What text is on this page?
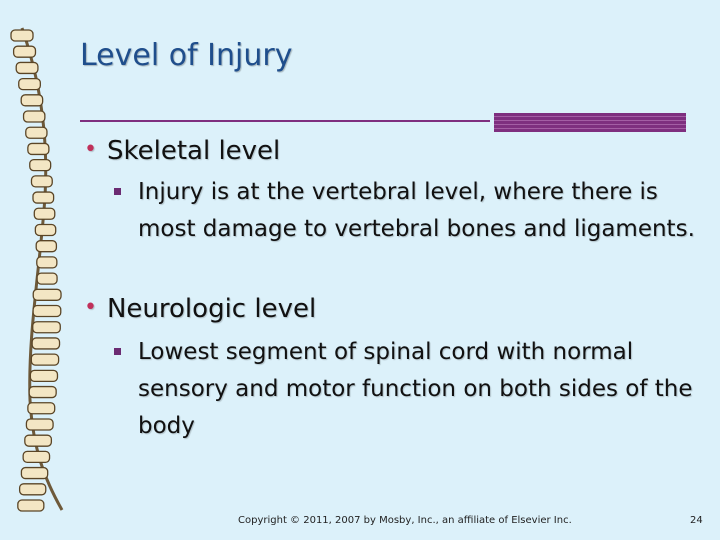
Level of Injury
• Skeletal level
Injury is at the vertebral level, where there is most damage to vertebral bones and ligaments.
• Neurologic level
Lowest segment of spinal cord with normal sensory and motor function on both sides of the body
Copyright © 2011, 2007 by Mosby, Inc., an affiliate of Elsevier Inc.	24
